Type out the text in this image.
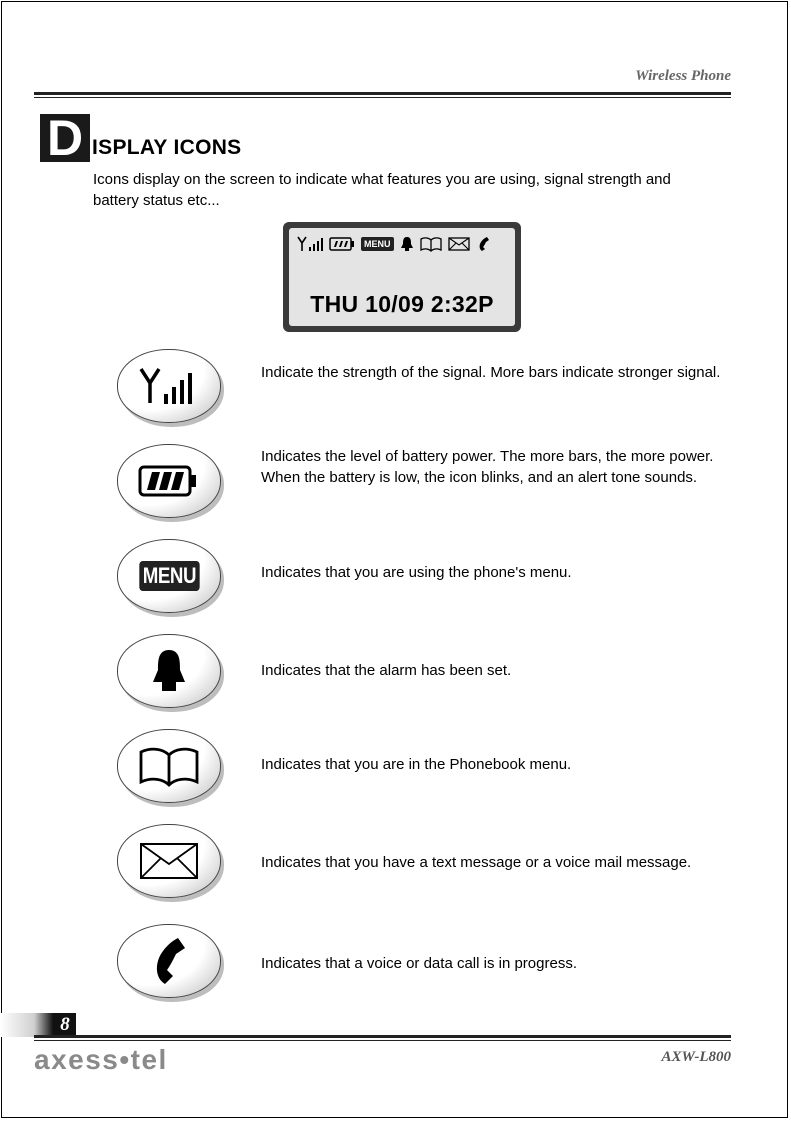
Wireless Phone
D ISPLAY ICONS
Icons display on the screen to indicate what features you are using, signal strength and battery status etc...
MENU
THU 10/09 2:32P
Indicate the strength of the signal. More bars indicate stronger signal.
Indicates the level of battery power. The more bars, the more power. When the battery is low, the icon blinks, and an alert tone sounds.
MENU	Indicates that you are using the phone's menu.
Indicates that the alarm has been set.
Indicates that you are in the Phonebook menu.
Indicates that you have a text message or a voice mail message.
Indicates that a voice or data call is in progress.
8
axess•tel	AXW-L800
